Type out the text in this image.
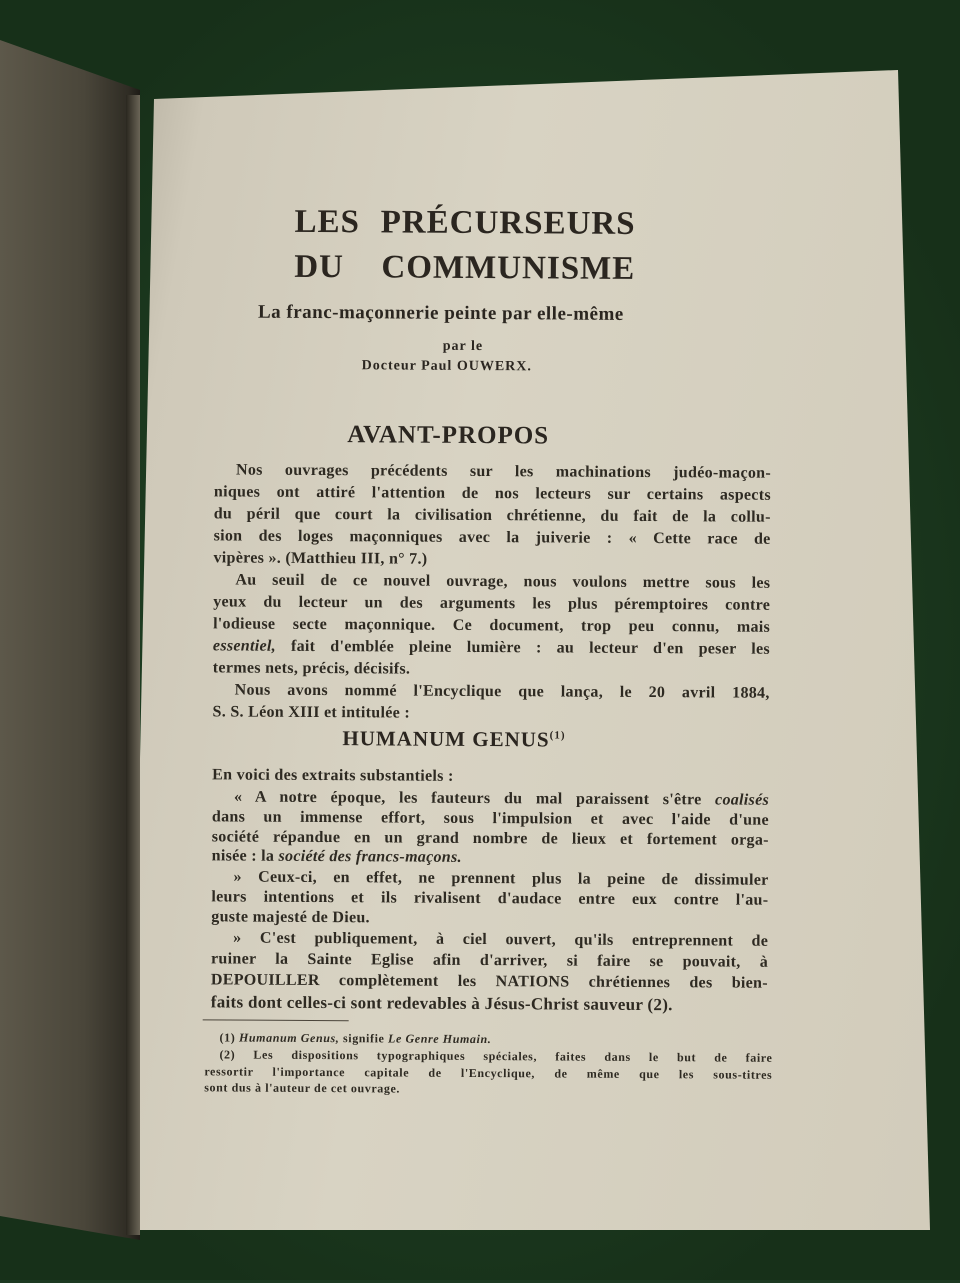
LES PRÉCURSEURS
DU COMMUNISME
La franc-maçonnerie peinte par elle-même
par le
Docteur Paul OUWERX.
AVANT-PROPOS
Nos ouvrages précédents sur les machinations judéo-maçon-
niques ont attiré l'attention de nos lecteurs sur certains aspects
du péril que court la civilisation chrétienne, du fait de la collu-
sion des loges maçonniques avec la juiverie : « Cette race de
vipères ». (Matthieu III, n° 7.)
Au seuil de ce nouvel ouvrage, nous voulons mettre sous les
yeux du lecteur un des arguments les plus péremptoires contre
l'odieuse secte maçonnique. Ce document, trop peu connu, mais
essentiel, fait d'emblée pleine lumière : au lecteur d'en peser les
termes nets, précis, décisifs.
Nous avons nommé l'Encyclique que lança, le 20 avril 1884,
S. S. Léon XIII et intitulée :
HUMANUM GENUS$^{(1)}$
En voici des extraits substantiels :
« A notre époque, les fauteurs du mal paraissent s'être coalisés
dans un immense effort, sous l'impulsion et avec l'aide d'une
société répandue en un grand nombre de lieux et fortement orga-
nisée : la société des francs-maçons.
» Ceux-ci, en effet, ne prennent plus la peine de dissimuler
leurs intentions et ils rivalisent d'audace entre eux contre l'au-
guste majesté de Dieu.
» C'est publiquement, à ciel ouvert, qu'ils entreprennent de
ruiner la Sainte Eglise afin d'arriver, si faire se pouvait, à
DEPOUILLER complètement les NATIONS chrétiennes des bien-
faits dont celles-ci sont redevables à Jésus-Christ sauveur (2).
(1) Humanum Genus, signifie Le Genre Humain.
(2) Les dispositions typographiques spéciales, faites dans le but de faire
ressortir l'importance capitale de l'Encyclique, de même que les sous-titres
sont dus à l'auteur de cet ouvrage.
